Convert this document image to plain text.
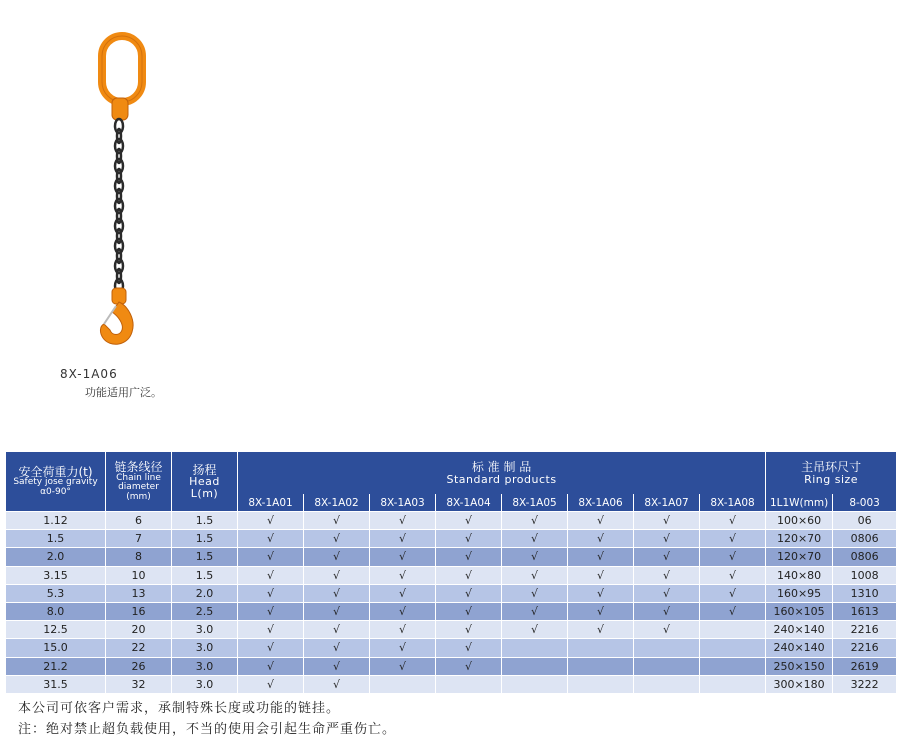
8X-1A06
功能适用广泛。
安全荷重力(t)
Safety jose gravity
α0-90°	链条线径
Chain line
diameter
(mm)	扬程
Head
L(m)	标 准 制 品
Standard products								主吊环尺寸
Ring size	

			8X-1A01	8X-1A02	8X-1A03	8X-1A04	8X-1A05	8X-1A06	8X-1A07	8X-1A08	1L1W(mm)	8-003
1.12	6	1.5	√	√	√	√	√	√	√	√	100×60	06
1.5	7	1.5	√	√	√	√	√	√	√	√	120×70	0806
2.0	8	1.5	√	√	√	√	√	√	√	√	120×70	0806
3.15	10	1.5	√	√	√	√	√	√	√	√	140×80	1008
5.3	13	2.0	√	√	√	√	√	√	√	√	160×95	1310
8.0	16	2.5	√	√	√	√	√	√	√	√	160×105	1613
12.5	20	3.0	√	√	√	√	√	√	√		240×140	2216
15.0	22	3.0	√	√	√	√					240×140	2216
21.2	26	3.0	√	√	√	√					250×150	2619
31.5	32	3.0	√	√							300×180	3222
本公司可依客户需求，承制特殊长度或功能的链挂。
注：绝对禁止超负载使用，不当的使用会引起生命严重伤亡。
